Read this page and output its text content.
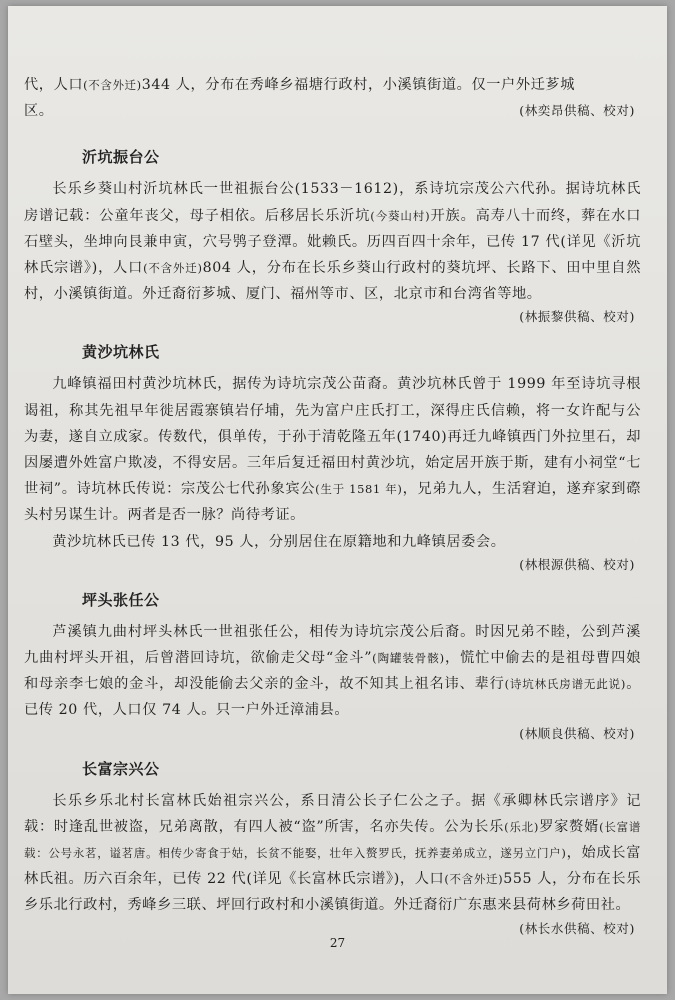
代，人口(不含外迁)344 人，分布在秀峰乡福塘行政村，小溪镇街道。仅一户外迁芗城
区。	(林奕昂供稿、校对)

沂坑振台公

长乐乡葵山村沂坑林氏一世祖振台公(1533－1612)，系诗坑宗茂公六代孙。据诗坑林氏房谱记载：公童年丧父，母子相依。后移居长乐沂坑(今葵山村)开族。高寿八十而终，葬在水口石壁头，坐坤向艮兼申寅，穴号鸮子登潭。妣赖氏。历四百四十余年，已传 17 代(详见《沂坑林氏宗谱》)，人口(不含外迁)804 人，分布在长乐乡葵山行政村的葵坑坪、长路下、田中里自然村，小溪镇街道。外迁裔衍芗城、厦门、福州等市、区，北京市和台湾省等地。

(林振黎供稿、校对)
黄沙坑林氏

九峰镇福田村黄沙坑林氏，据传为诗坑宗茂公苗裔。黄沙坑林氏曾于 1999 年至诗坑寻根谒祖，称其先祖早年徙居霞寨镇岩仔埔，先为富户庄氏打工，深得庄氏信赖，将一女许配与公为妻，遂自立成家。传数代，俱单传，于孙于清乾隆五年(1740)再迁九峰镇西门外拉里石，却因屡遭外姓富户欺凌，不得安居。三年后复迁福田村黄沙坑，始定居开族于斯，建有小祠堂“七世祠”。诗坑林氏传说：宗茂公七代孙象宾公(生于 1581 年)，兄弟九人，生活窘迫，遂弃家到磜头村另谋生计。两者是否一脉？尚待考证。

黄沙坑林氏已传 13 代，95 人，分别居住在原籍地和九峰镇居委会。

(林根源供稿、校对)
坪头张任公

芦溪镇九曲村坪头林氏一世祖张任公，相传为诗坑宗茂公后裔。时因兄弟不睦，公到芦溪九曲村坪头开祖，后曾潜回诗坑，欲偷走父母“金斗”(陶罐装骨骸)，慌忙中偷去的是祖母曹四娘和母亲李七娘的金斗，却没能偷去父亲的金斗，故不知其上祖名讳、辈行(诗坑林氏房谱无此说)。已传 20 代，人口仅 74 人。只一户外迁漳浦县。

(林顺良供稿、校对)
长富宗兴公

长乐乡乐北村长富林氏始祖宗兴公，系日清公长子仁公之子。据《承卿林氏宗谱序》记载：时逢乱世被盗，兄弟离散，有四人被“盗”所害，名亦失传。公为长乐(乐北)罗家赘婿(长富谱载：公号永茗，谥茗唐。相传少寄食于姑，长贫不能娶，壮年入赘罗氏，抚养妻弟成立，遂另立门户)，始成长富林氏祖。历六百余年，已传 22 代(详见《长富林氏宗谱》)，人口(不含外迁)555 人，分布在长乐乡乐北行政村，秀峰乡三联、坪回行政村和小溪镇街道。外迁裔衍广东惠来县荷林乡荷田社。

(林长水供稿、校对)
27
